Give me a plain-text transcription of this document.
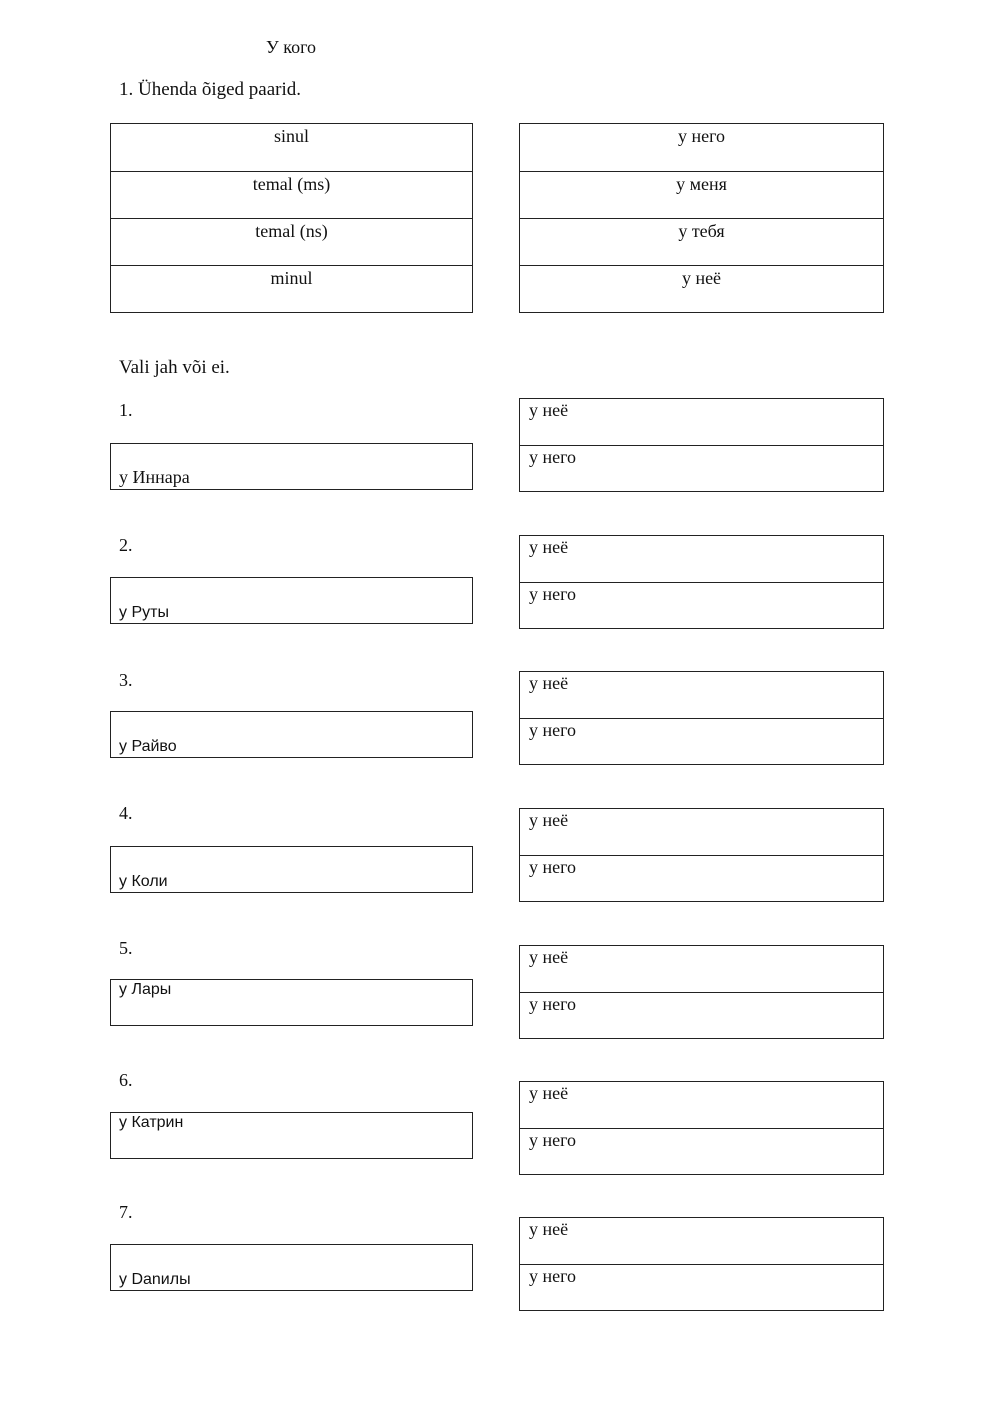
У кого
1. Ühenda õiged paarid.
sinul
temal (ms)
temal (ns)
minul
у него
у меня
у тебя
у неё
Vali jah või ei.
1.
у Иннара
у неё
у него
2.
у Руты
у неё
у него
3.
у Райво
у неё
у него
4.
у Коли
у неё
у него
5.
у Лары
у неё
у него
6.
у Катрин
у неё
у него
7.
у Danилы
у неё
у него
